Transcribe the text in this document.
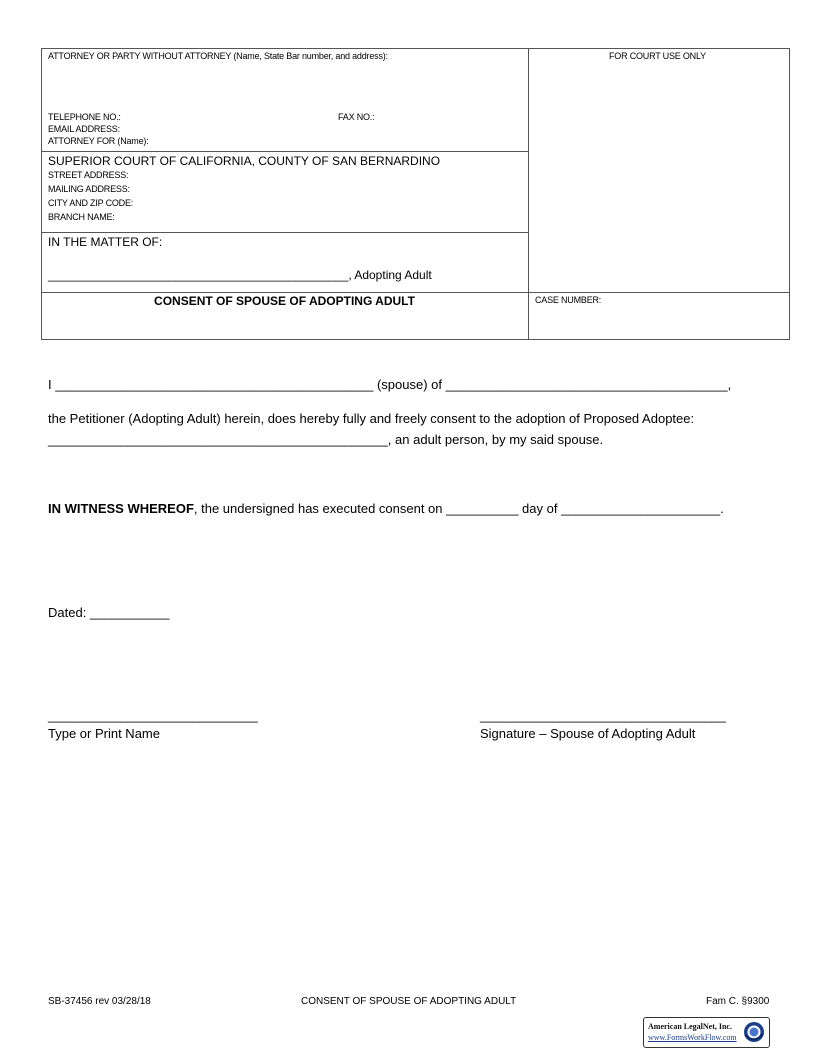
ATTORNEY OR PARTY WITHOUT ATTORNEY (Name, State Bar number, and address):	FOR COURT USE ONLY
TELEPHONE NO.:	FAX NO.:
EMAIL ADDRESS:
ATTORNEY FOR (Name):
SUPERIOR COURT OF CALIFORNIA, COUNTY OF SAN BERNARDINO
STREET ADDRESS:
MAILING ADDRESS:
CITY AND ZIP CODE:
BRANCH NAME:
IN THE MATTER OF:
_____________________________________________, Adopting Adult
CONSENT OF SPOUSE OF ADOPTING ADULT	CASE NUMBER:
I ____________________________________________ (spouse) of _______________________________________,
the Petitioner (Adopting Adult) herein, does hereby fully and freely consent to the adoption of Proposed Adoptee:
_______________________________________________, an adult person, by my said spouse.
IN WITNESS WHEREOF, the undersigned has executed consent on __________ day of ______________________.
Dated: ___________
_____________________________	__________________________________
Type or Print Name	Signature – Spouse of Adopting Adult
SB-37456 rev 03/28/18	CONSENT OF SPOUSE OF ADOPTING ADULT	Fam C. §9300
American LegalNet, Inc.
www.FormsWorkFlow.com
